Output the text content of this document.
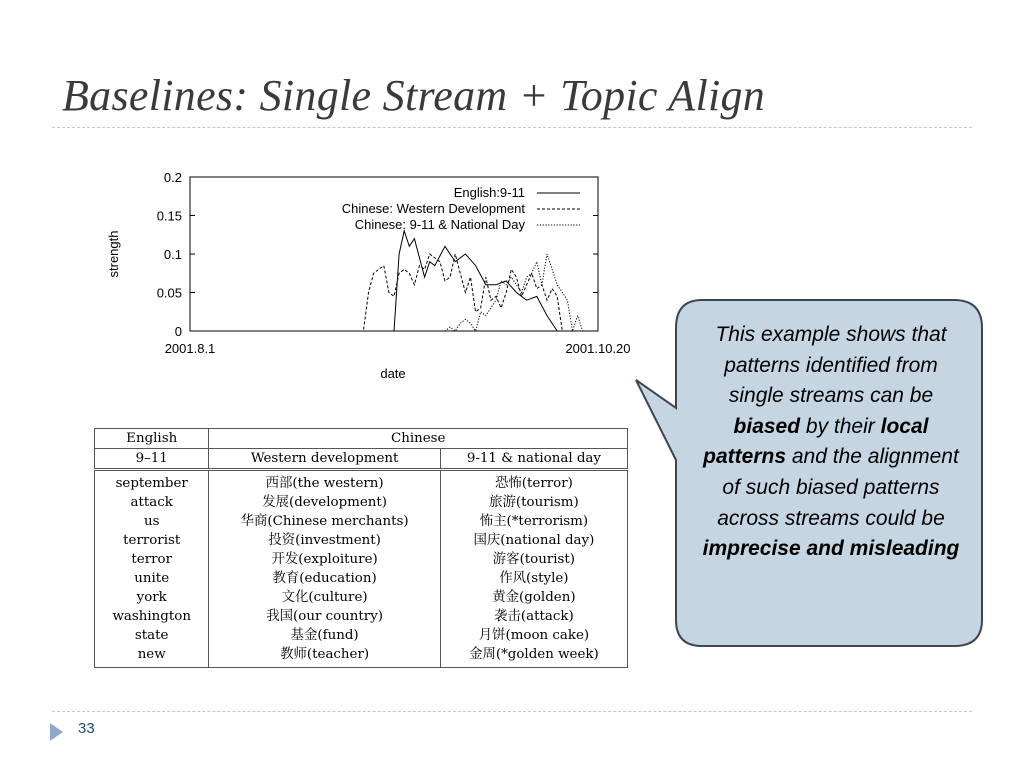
Baselines: Single Stream + Topic Align
0
0.05
0.1
0.15
0.2
2001.8.1	2001.10.20
English:9-11
Chinese: Western Development
Chinese: 9-11 & National Day
strength
date
English	Chinese	
9–11	Western development	9-11 & national day
september	西部(the western)	恐怖(terror)
attack	发展(development)	旅游(tourism)
us	华商(Chinese merchants)	怖主(*terrorism)
terrorist	投资(investment)	国庆(national day)
terror	开发(exploiture)	游客(tourist)
unite	教育(education)	作风(style)
york	文化(culture)	黄金(golden)
washington	我国(our country)	袭击(attack)
state	基金(fund)	月饼(moon cake)
new	教师(teacher)	金周(*golden week)
This example shows that patterns identified from single streams can be biased by their local patterns and the alignment of such biased patterns across streams could be imprecise and misleading
33
